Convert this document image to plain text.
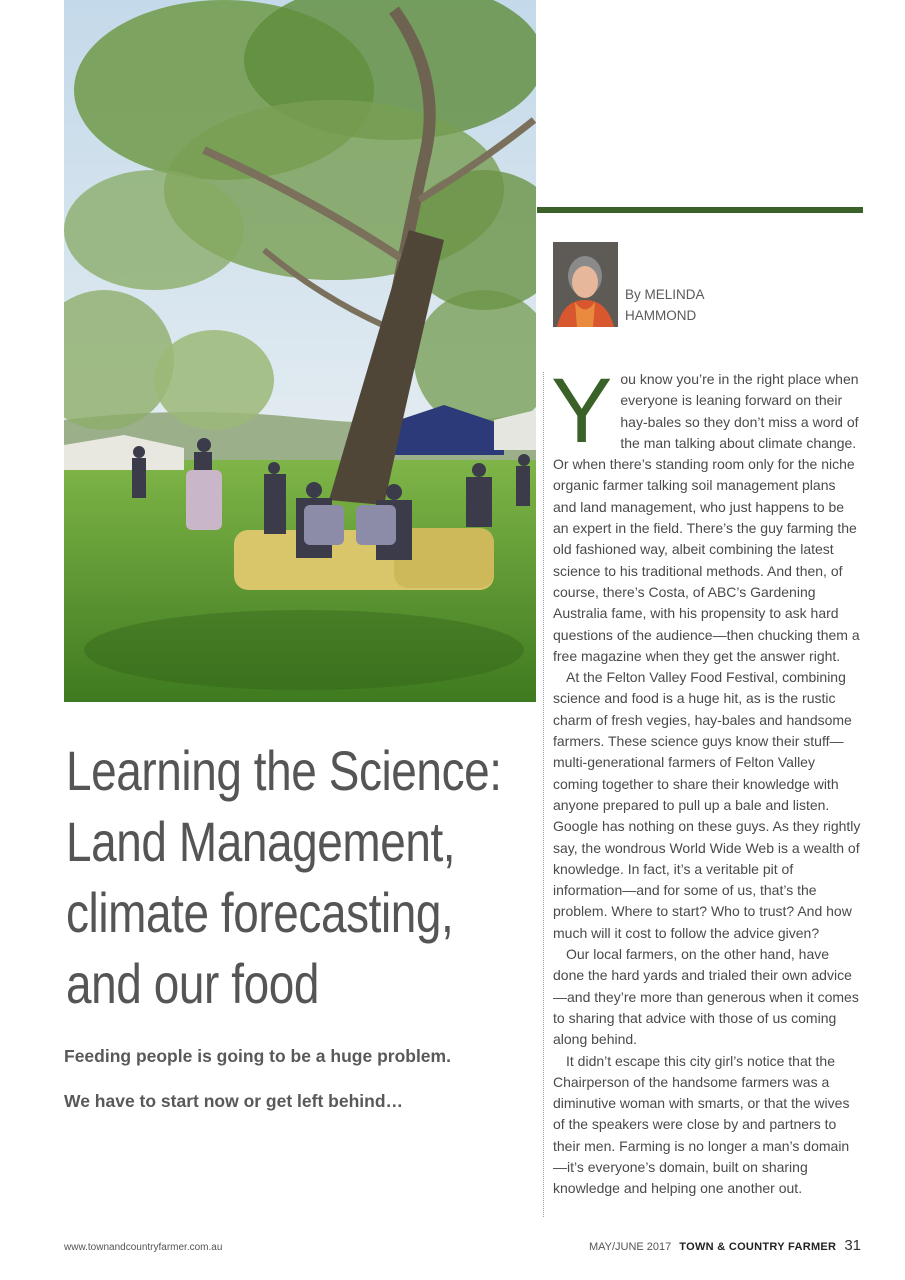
By MELINDA
HAMMOND

You know you’re in the right place when everyone is leaning forward on their hay-bales so they don’t miss a word of the man talking about climate change. Or when there’s standing room only for the niche organic farmer talking soil management plans and land management, who just happens to be an expert in the field. There’s the guy farming the old fashioned way, albeit combining the latest science to his traditional methods. And then, of course, there’s Costa, of ABC’s Gardening Australia fame, with his propensity to ask hard questions of the audience—then chucking them a free magazine when they get the answer right.

At the Felton Valley Food Festival, combining science and food is a huge hit, as is the rustic charm of fresh vegies, hay-bales and handsome farmers. These science guys know their stuff—multi-generational farmers of Felton Valley coming together to share their knowledge with anyone prepared to pull up a bale and listen. Google has nothing on these guys. As they rightly say, the wondrous World Wide Web is a wealth of knowledge. In fact, it’s a veritable pit of information—and for some of us, that’s the problem. Where to start? Who to trust? And how much will it cost to follow the advice given?

Our local farmers, on the other hand, have done the hard yards and trialed their own advice—and they’re more than generous when it comes to sharing that advice with those of us coming along behind.

It didn’t escape this city girl’s notice that the Chairperson of the handsome farmers was a diminutive woman with smarts, or that the wives of the speakers were close by and partners to their men. Farming is no longer a man’s domain—it’s everyone’s domain, built on sharing knowledge and helping one another out.

Learning the Science:
Land Management,
climate forecasting,
and our food
Feeding people is going to be a huge problem.
We have to start now or get left behind…
www.townandcountryfarmer.com.au	MAY/JUNE 2017 TOWN & COUNTRY FARMER 31
